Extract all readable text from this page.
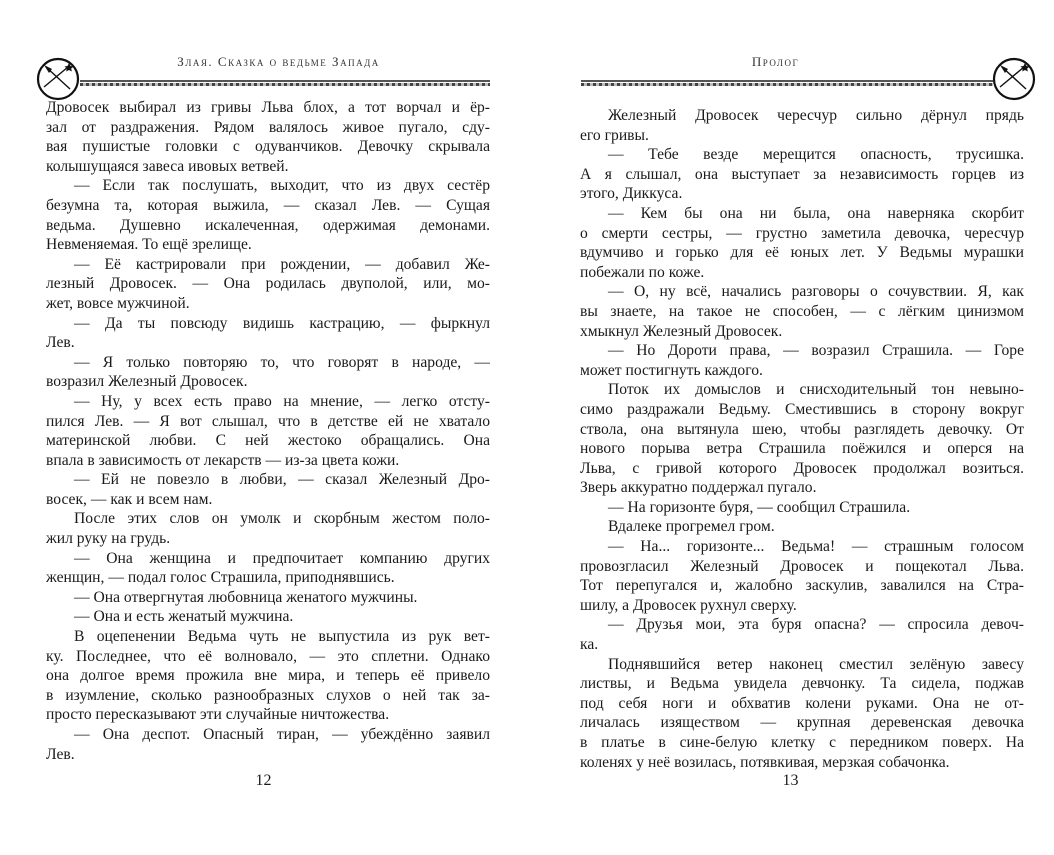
Злая. Сказка о ведьме Запада
Дровосек выбирал из гривы Льва блох, а тот ворчал и ёр-
зал от раздражения. Рядом валялось живое пугало, сду-
вая пушистые головки с одуванчиков. Девочку скрывала
колышущаяся завеса ивовых ветвей.
— Если так послушать, выходит, что из двух сестёр
безумна та, которая выжила, — сказал Лев. — Сущая
ведьма. Душевно искалеченная, одержимая демонами.
Невменяемая. То ещё зрелище.
— Её кастрировали при рождении, — добавил Же-
лезный Дровосек. — Она родилась двуполой, или, мо-
жет, вовсе мужчиной.
— Да ты повсюду видишь кастрацию, — фыркнул
Лев.
— Я только повторяю то, что говорят в народе, —
возразил Железный Дровосек.
— Ну, у всех есть право на мнение, — легко отсту-
пился Лев. — Я вот слышал, что в детстве ей не хватало
материнской любви. С ней жестоко обращались. Она
впала в зависимость от лекарств — из-за цвета кожи.
— Ей не повезло в любви, — сказал Железный Дро-
восек, — как и всем нам.
После этих слов он умолк и скорбным жестом поло-
жил руку на грудь.
— Она женщина и предпочитает компанию других
женщин, — подал голос Страшила, приподнявшись.
— Она отвергнутая любовница женатого мужчины.
— Она и есть женатый мужчина.
В оцепенении Ведьма чуть не выпустила из рук вет-
ку. Последнее, что её волновало, — это сплетни. Однако
она долгое время прожила вне мира, и теперь её привело
в изумление, сколько разнообразных слухов о ней так за-
просто пересказывают эти случайные ничтожества.
— Она деспот. Опасный тиран, — убеждённо заявил
Лев.
12
Пролог
Железный Дровосек чересчур сильно дёрнул прядь
его гривы.
— Тебе везде мерещится опасность, трусишка.
А я слышал, она выступает за независимость горцев из
этого, Диккуса.
— Кем бы она ни была, она наверняка скорбит
о смерти сестры, — грустно заметила девочка, чересчур
вдумчиво и горько для её юных лет. У Ведьмы мурашки
побежали по коже.
— О, ну всё, начались разговоры о сочувствии. Я, как
вы знаете, на такое не способен, — с лёгким цинизмом
хмыкнул Железный Дровосек.
— Но Дороти права, — возразил Страшила. — Горе
может постигнуть каждого.
Поток их домыслов и снисходительный тон невыно-
симо раздражали Ведьму. Сместившись в сторону вокруг
ствола, она вытянула шею, чтобы разглядеть девочку. От
нового порыва ветра Страшила поёжился и оперся на
Льва, с гривой которого Дровосек продолжал возиться.
Зверь аккуратно поддержал пугало.
— На горизонте буря, — сообщил Страшила.
Вдалеке прогремел гром.
— На... горизонте... Ведьма! — страшным голосом
провозгласил Железный Дровосек и пощекотал Льва.
Тот перепугался и, жалобно заскулив, завалился на Стра-
шилу, а Дровосек рухнул сверху.
— Друзья мои, эта буря опасна? — спросила девоч-
ка.
Поднявшийся ветер наконец сместил зелёную завесу
листвы, и Ведьма увидела девчонку. Та сидела, поджав
под себя ноги и обхватив колени руками. Она не от-
личалась изяществом — крупная деревенская девочка
в платье в сине-белую клетку с передником поверх. На
коленях у неё возилась, потявкивая, мерзкая собачонка.
13
